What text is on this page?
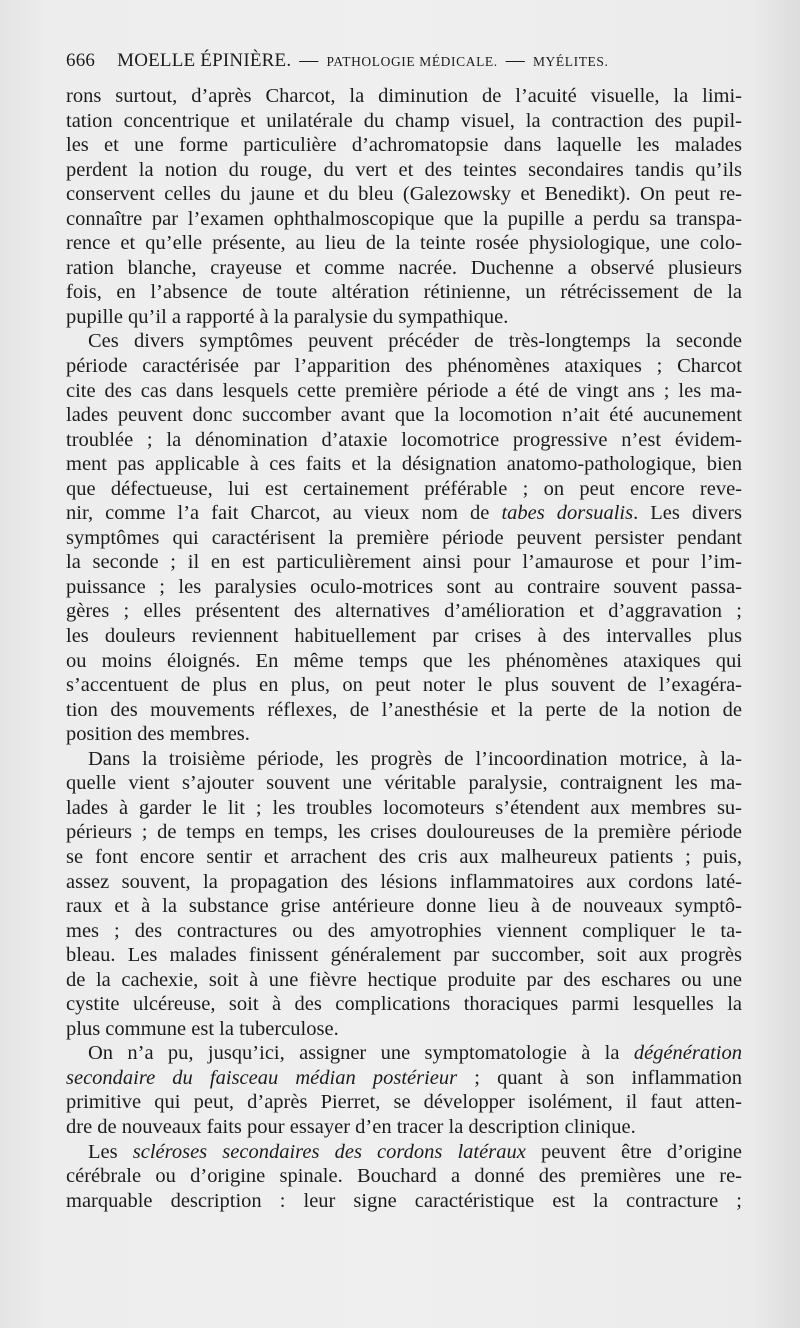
666 MOELLE ÉPINIÈRE. — PATHOLOGIE MÉDICALE. — MYÉLITES.
rons surtout, d’après Charcot, la diminution de l’acuité visuelle, la limi-
tation concentrique et unilatérale du champ visuel, la contraction des pupil-
les et une forme particulière d’achromatopsie dans laquelle les malades
perdent la notion du rouge, du vert et des teintes secondaires tandis qu’ils
conservent celles du jaune et du bleu (Galezowsky et Benedikt). On peut re-
connaître par l’examen ophthalmoscopique que la pupille a perdu sa transpa-
rence et qu’elle présente, au lieu de la teinte rosée physiologique, une colo-
ration blanche, crayeuse et comme nacrée. Duchenne a observé plusieurs
fois, en l’absence de toute altération rétinienne, un rétrécissement de la
pupille qu’il a rapporté à la paralysie du sympathique.
Ces divers symptômes peuvent précéder de très-longtemps la seconde
période caractérisée par l’apparition des phénomènes ataxiques ; Charcot
cite des cas dans lesquels cette première période a été de vingt ans ; les ma-
lades peuvent donc succomber avant que la locomotion n’ait été aucunement
troublée ; la dénomination d’ataxie locomotrice progressive n’est évidem-
ment pas applicable à ces faits et la désignation anatomo-pathologique, bien
que défectueuse, lui est certainement préférable ; on peut encore reve-
nir, comme l’a fait Charcot, au vieux nom de tabes dorsualis. Les divers
symptômes qui caractérisent la première période peuvent persister pendant
la seconde ; il en est particulièrement ainsi pour l’amaurose et pour l’im-
puissance ; les paralysies oculo-motrices sont au contraire souvent passa-
gères ; elles présentent des alternatives d’amélioration et d’aggravation ;
les douleurs reviennent habituellement par crises à des intervalles plus
ou moins éloignés. En même temps que les phénomènes ataxiques qui
s’accentuent de plus en plus, on peut noter le plus souvent de l’exagéra-
tion des mouvements réflexes, de l’anesthésie et la perte de la notion de
position des membres.
Dans la troisième période, les progrès de l’incoordination motrice, à la-
quelle vient s’ajouter souvent une véritable paralysie, contraignent les ma-
lades à garder le lit ; les troubles locomoteurs s’étendent aux membres su-
périeurs ; de temps en temps, les crises douloureuses de la première période
se font encore sentir et arrachent des cris aux malheureux patients ; puis,
assez souvent, la propagation des lésions inflammatoires aux cordons laté-
raux et à la substance grise antérieure donne lieu à de nouveaux symptô-
mes ; des contractures ou des amyotrophies viennent compliquer le ta-
bleau. Les malades finissent généralement par succomber, soit aux progrès
de la cachexie, soit à une fièvre hectique produite par des eschares ou une
cystite ulcéreuse, soit à des complications thoraciques parmi lesquelles la
plus commune est la tuberculose.
On n’a pu, jusqu’ici, assigner une symptomatologie à la dégénération
secondaire du faisceau médian postérieur ; quant à son inflammation
primitive qui peut, d’après Pierret, se développer isolément, il faut atten-
dre de nouveaux faits pour essayer d’en tracer la description clinique.
Les scléroses secondaires des cordons latéraux peuvent être d’origine
cérébrale ou d’origine spinale. Bouchard a donné des premières une re-
marquable description : leur signe caractéristique est la contracture ;
